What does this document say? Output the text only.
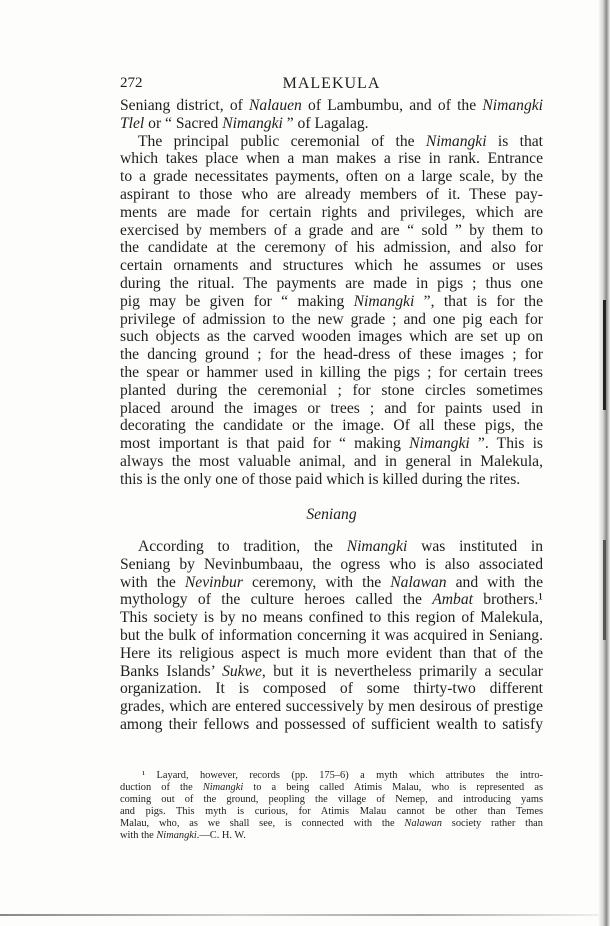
272	MALEKULA
Seniang district, of Nalauen of Lambumbu, and of the Nimangki
Tlel or “ Sacred Nimangki ” of Lagalag.
The principal public ceremonial of the Nimangki is that
which takes place when a man makes a rise in rank. Entrance
to a grade necessitates payments, often on a large scale, by the
aspirant to those who are already members of it. These pay-
ments are made for certain rights and privileges, which are
exercised by members of a grade and are “ sold ” by them to
the candidate at the ceremony of his admission, and also for
certain ornaments and structures which he assumes or uses
during the ritual. The payments are made in pigs ; thus one
pig may be given for “ making Nimangki ”, that is for the
privilege of admission to the new grade ; and one pig each for
such objects as the carved wooden images which are set up on
the dancing ground ; for the head-dress of these images ; for
the spear or hammer used in killing the pigs ; for certain trees
planted during the ceremonial ; for stone circles sometimes
placed around the images or trees ; and for paints used in
decorating the candidate or the image. Of all these pigs, the
most important is that paid for “ making Nimangki ”. This is
always the most valuable animal, and in general in Malekula,
this is the only one of those paid which is killed during the rites.
Seniang
According to tradition, the Nimangki was instituted in
Seniang by Nevinbumbaau, the ogress who is also associated
with the Nevinbur ceremony, with the Nalawan and with the
mythology of the culture heroes called the Ambat brothers.¹
This society is by no means confined to this region of Malekula,
but the bulk of information concerning it was acquired in Seniang.
Here its religious aspect is much more evident than that of the
Banks Islands’ Sukwe, but it is nevertheless primarily a secular
organization. It is composed of some thirty-two different
grades, which are entered successively by men desirous of prestige
among their fellows and possessed of sufficient wealth to satisfy
¹ Layard, however, records (pp. 175–6) a myth which attributes the intro-
duction of the Nimangki to a being called Atimis Malau, who is represented as
coming out of the ground, peopling the village of Nemep, and introducing yams
and pigs. This myth is curious, for Atimis Malau cannot be other than Temes
Malau, who, as we shall see, is connected with the Nalawan society rather than
with the Nimangki.—C. H. W.
